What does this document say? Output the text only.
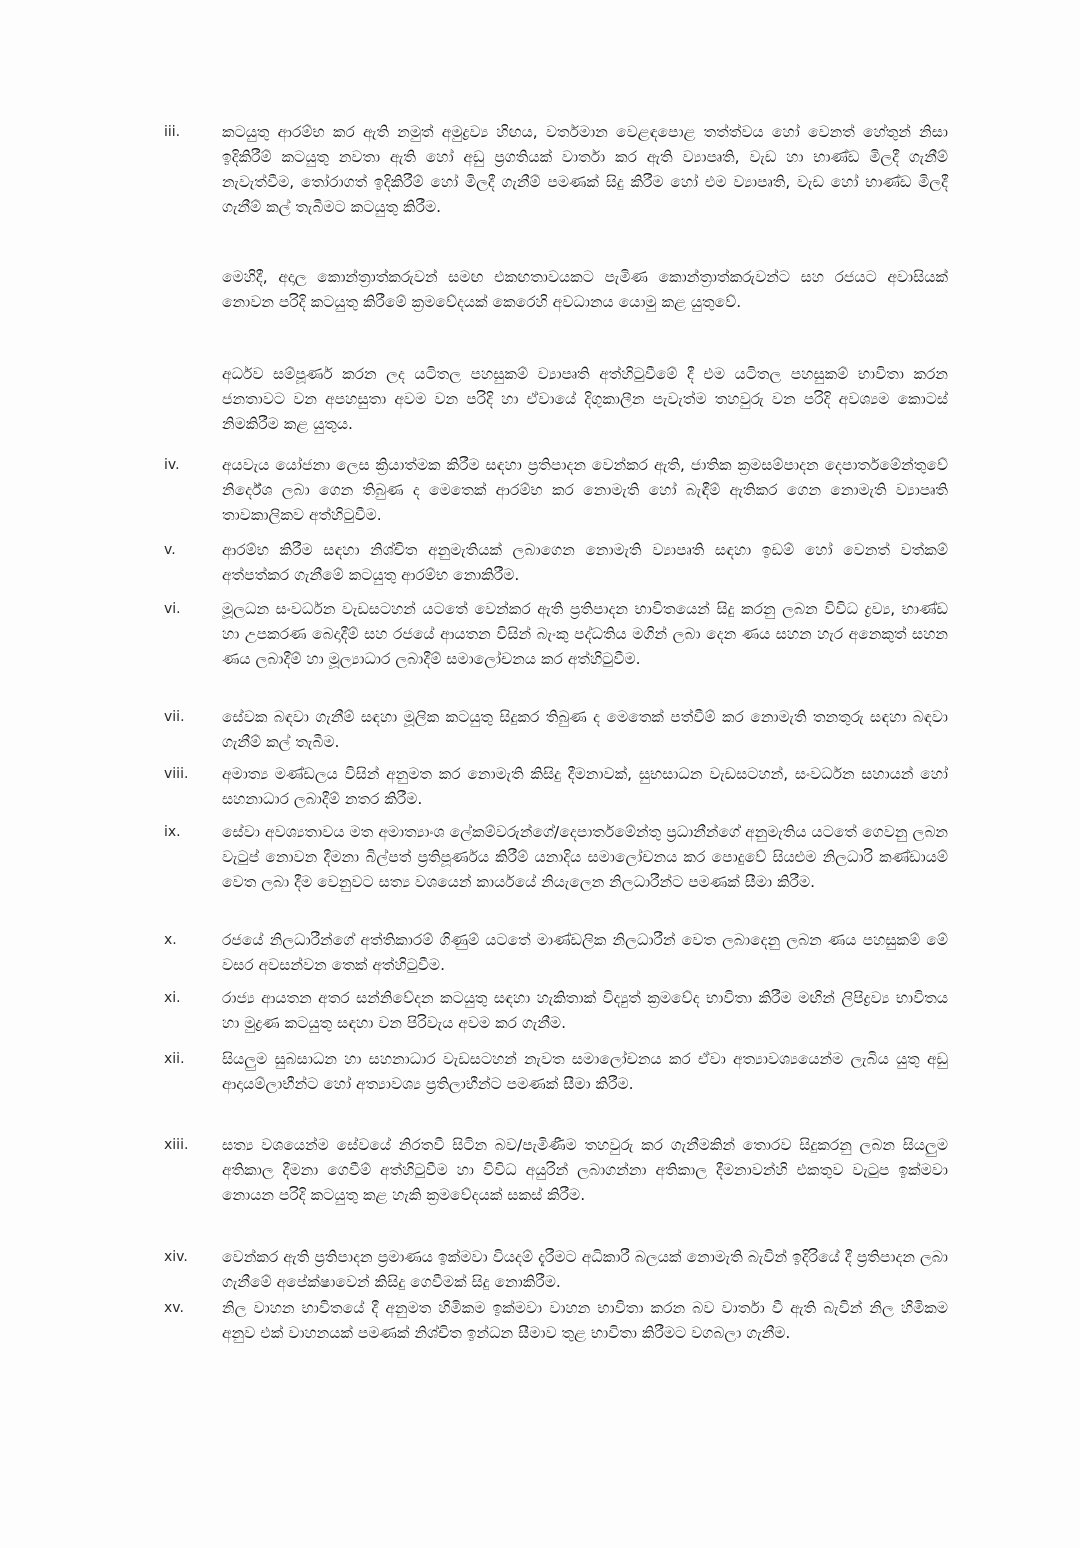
iii.	කටයුතු ආරම්භ කර ඇති නමුත් අමුද්‍රව්‍ය හිඟය, වර්තමාන වෙළඳපොළ තත්ත්වය හෝ වෙනත් හේතුන් නිසා ඉදිකිරීම් කටයුතු නවතා ඇති හෝ අඩු ප්‍රගතියක් වාර්තා කර ඇති ව්‍යාපෘති, වැඩ හා භාණ්ඩ මිලදී ගැනීම් නැවැත්වීම, තෝරාගත් ඉදිකිරීම් හෝ මිලදී ගැනීම් පමණක් සිදු කිරීම හෝ එම ව්‍යාපෘති, වැඩ හෝ භාණ්ඩ මිලදී ගැනීම් කල් තැබීමට කටයුතු කිරීම.
මෙහිදී, අදාල කොන්ත්‍රාත්කරුවන් සමඟ එකඟතාවයකට පැමිණ කොන්ත්‍රාත්කරුවන්ට සහ රජයට අවාසියක් නොවන පරිදි කටයුතු කිරීමේ ක්‍රමවේදයක් කෙරෙහි අවධානය යොමු කළ යුතුවේ.
අර්ධව සම්පූර්ණ කරන ලද යටිතල පහසුකම් ව්‍යාපෘති අත්හිටුවීමේ දී එම යටිතල පහසුකම් භාවිතා කරන ජනතාවට වන අපහසුතා අවම වන පරිදි හා ඒවායේ දිගුකාලීන පැවැත්ම තහවුරු වන පරිදි අවශ්‍යම කොටස් නිමකිරීම කළ යුතුය.
iv.	අයවැය යෝජනා ලෙස ක්‍රියාත්මක කිරීම සඳහා ප්‍රතිපාදන වෙන්කර ඇති, ජාතික ක්‍රමසම්පාදන දෙපාර්තමේන්තුවේ නිර්දේශ ලබා ගෙන තිබුණ ද මෙතෙක් ආරම්භ කර නොමැති හෝ බැඳීම් ඇතිකර ගෙන නොමැති ව්‍යාපෘති තාවකාලිකව අත්හිටුවීම.
v.	ආරම්භ කිරීම සඳහා නිශ්චිත අනුමැතියක් ලබාගෙන නොමැති ව්‍යාපෘති සඳහා ඉඩම් හෝ වෙනත් වත්කම් අත්පත්කර ගැනීමේ කටයුතු ආරම්භ නොකිරීම.
vi.	මූලධන සංවර්ධන වැඩසටහන් යටතේ වෙන්කර ඇති ප්‍රතිපාදන භාවිතයෙන් සිදු කරනු ලබන විවිධ ද්‍රව්‍ය, භාණ්ඩ හා උපකරණ බෙදාදීම් සහ රජයේ ආයතන විසින් බැංකු පද්ධතිය මගින් ලබා දෙන ණය සහන හැර අනෙකුත් සහන ණය ලබාදීම් හා මූල්‍යාධාර ලබාදීම් සමාලෝචනය කර අත්හිටුවීම.
vii.	සේවක බඳවා ගැනීම් සඳහා මූලික කටයුතු සිදුකර තිබුණ ද මෙතෙක් පත්වීම් කර නොමැති තනතුරු සඳහා බඳවා ගැනීම් කල් තැබීම.
viii.	අමාත්‍ය මණ්ඩලය විසින් අනුමත කර නොමැති කිසිදු දීමනාවක්, සුභසාධන වැඩසටහන්, සංවර්ධන සහායන් හෝ සහනාධාර ලබාදීම් නතර කිරීම.
ix.	සේවා අවශ්‍යතාවය මත අමාත්‍යාංශ ලේකම්වරුන්ගේ/දෙපාර්තමේන්තු ප්‍රධානීන්ගේ අනුමැතිය යටතේ ගෙවනු ලබන වැටුප් නොවන දීමනා බිල්පත් ප්‍රතිපූර්ණය කිරීම් යනාදිය සමාලෝචනය කර පොදුවේ සියළුම නිලධාරි කණ්ඩායම් වෙත ලබා දීම වෙනුවට සත්‍ය වශයෙන් කාර්යයේ නියැලෙන නිලධාරීන්ට පමණක් සීමා කිරීම.
x.	රජයේ නිලධාරීන්ගේ අත්තිකාරම් ගිණුම් යටතේ මාණ්ඩලික නිලධාරීන් වෙත ලබාදෙනු ලබන ණය පහසුකම් මේ වසර අවසන්වන තෙක් අත්හිටුවීම.
xi.	රාජ්‍ය ආයතන අතර සන්නිවේදන කටයුතු සඳහා හැකිතාක් විද්‍යුත් ක්‍රමවේද භාවිතා කිරීම මඟින් ලිපිද්‍රව්‍ය භාවිතය හා මුද්‍රණ කටයුතු සඳහා වන පිරිවැය අවම කර ගැනීම.
xii.	සියලුම සුබසාධන හා සහනාධාර වැඩසටහන් නැවත සමාලෝචනය කර ඒවා අත්‍යාවශ්‍යයෙන්ම ලැබිය යුතු අඩු ආදායම්ලාභීන්ට හෝ අත්‍යාවශ්‍ය ප්‍රතිලාභීන්ට පමණක් සීමා කිරීම.
xiii.	සත්‍ය වශයෙන්ම සේවයේ නිරතවී සිටින බව/පැමිණීම තහවුරු කර ගැනීමකින් තොරව සිදුකරනු ලබන සියලුම අතිකාල දීමනා ගෙවීම් අත්හිටුවීම හා විවිධ අයුරින් ලබාගන්නා අතිකාල දීමනාවන්හි එකතුව වැටුප ඉක්මවා නොයන පරිදි කටයුතු කළ හැකි ක්‍රමවේදයක් සකස් කිරීම.
xiv.	වෙන්කර ඇති ප්‍රතිපාදන ප්‍රමාණය ඉක්මවා වියදම් දැරීමට අධිකාරී බලයක් නොමැති බැවින් ඉදිරියේ දී ප්‍රතිපාදන ලබා ගැනීමේ අපේක්ෂාවෙන් කිසිදු ගෙවීමක් සිදු නොකිරීම.
xv.	නිල වාහන භාවිතයේ දී අනුමත හිමිකම ඉක්මවා වාහන භාවිතා කරන බව වාර්තා වී ඇති බැවින් නිල හිමිකම අනුව එක් වාහනයක් පමණක් නිශ්චිත ඉන්ධන සීමාව තුළ භාවිතා කිරීමට වගබලා ගැනීම.
